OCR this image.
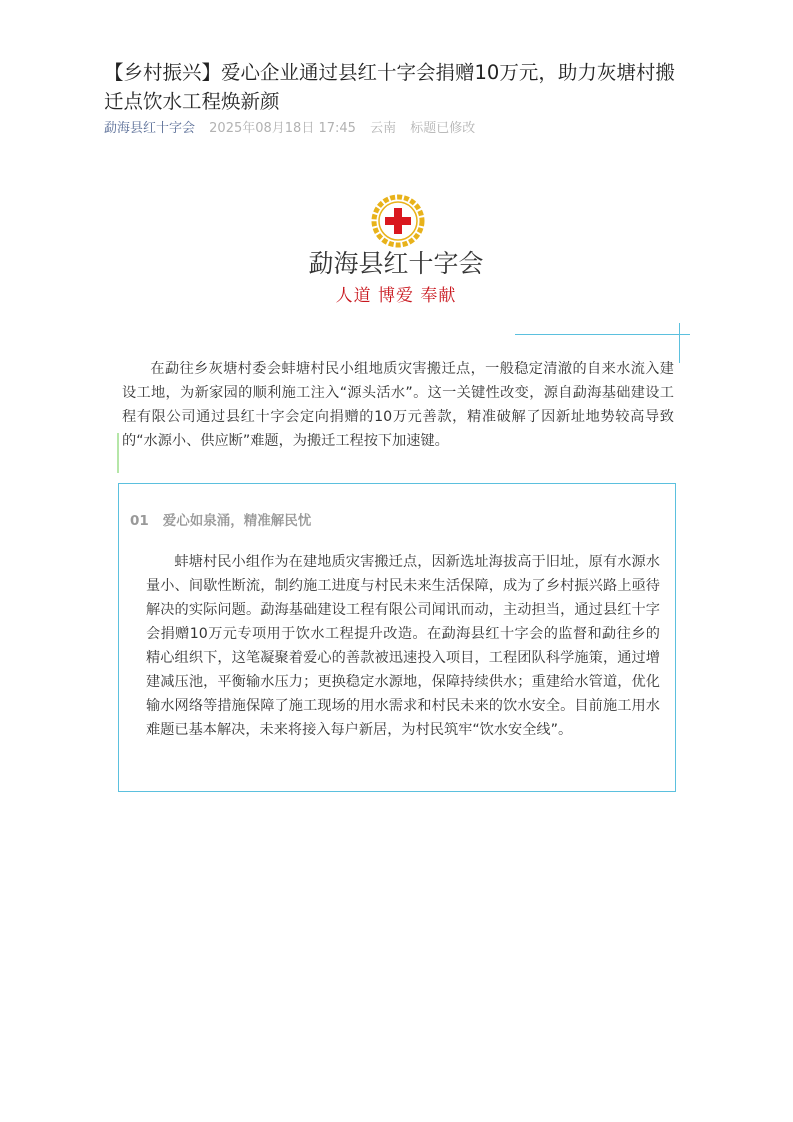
【乡村振兴】爱心企业通过县红十字会捐赠10万元，助力灰塘村搬迁点饮水工程焕新颜
勐海县红十字会 2025年08月18日 17:45 云南 标题已修改
勐海县红十字会
人道 博爱 奉献

在勐往乡灰塘村委会蚌塘村民小组地质灾害搬迁点，一般稳定清澈的自来水流入建设工地，为新家园的顺利施工注入“源头活水”。这一关键性改变，源自勐海基础建设工程有限公司通过县红十字会定向捐赠的10万元善款，精准破解了因新址地势较高导致的“水源小、供应断”难题，为搬迁工程按下加速键。

01 爱心如泉涌，精准解民忧

蚌塘村民小组作为在建地质灾害搬迁点，因新选址海拔高于旧址，原有水源水量小、间歇性断流，制约施工进度与村民未来生活保障，成为了乡村振兴路上亟待解决的实际问题。勐海基础建设工程有限公司闻讯而动，主动担当，通过县红十字会捐赠10万元专项用于饮水工程提升改造。在勐海县红十字会的监督和勐往乡的精心组织下，这笔凝聚着爱心的善款被迅速投入项目，工程团队科学施策，通过增建减压池，平衡输水压力；更换稳定水源地，保障持续供水；重建给水管道，优化输水网络等措施保障了施工现场的用水需求和村民未来的饮水安全。目前施工用水难题已基本解决，未来将接入每户新居，为村民筑牢“饮水安全线”。
